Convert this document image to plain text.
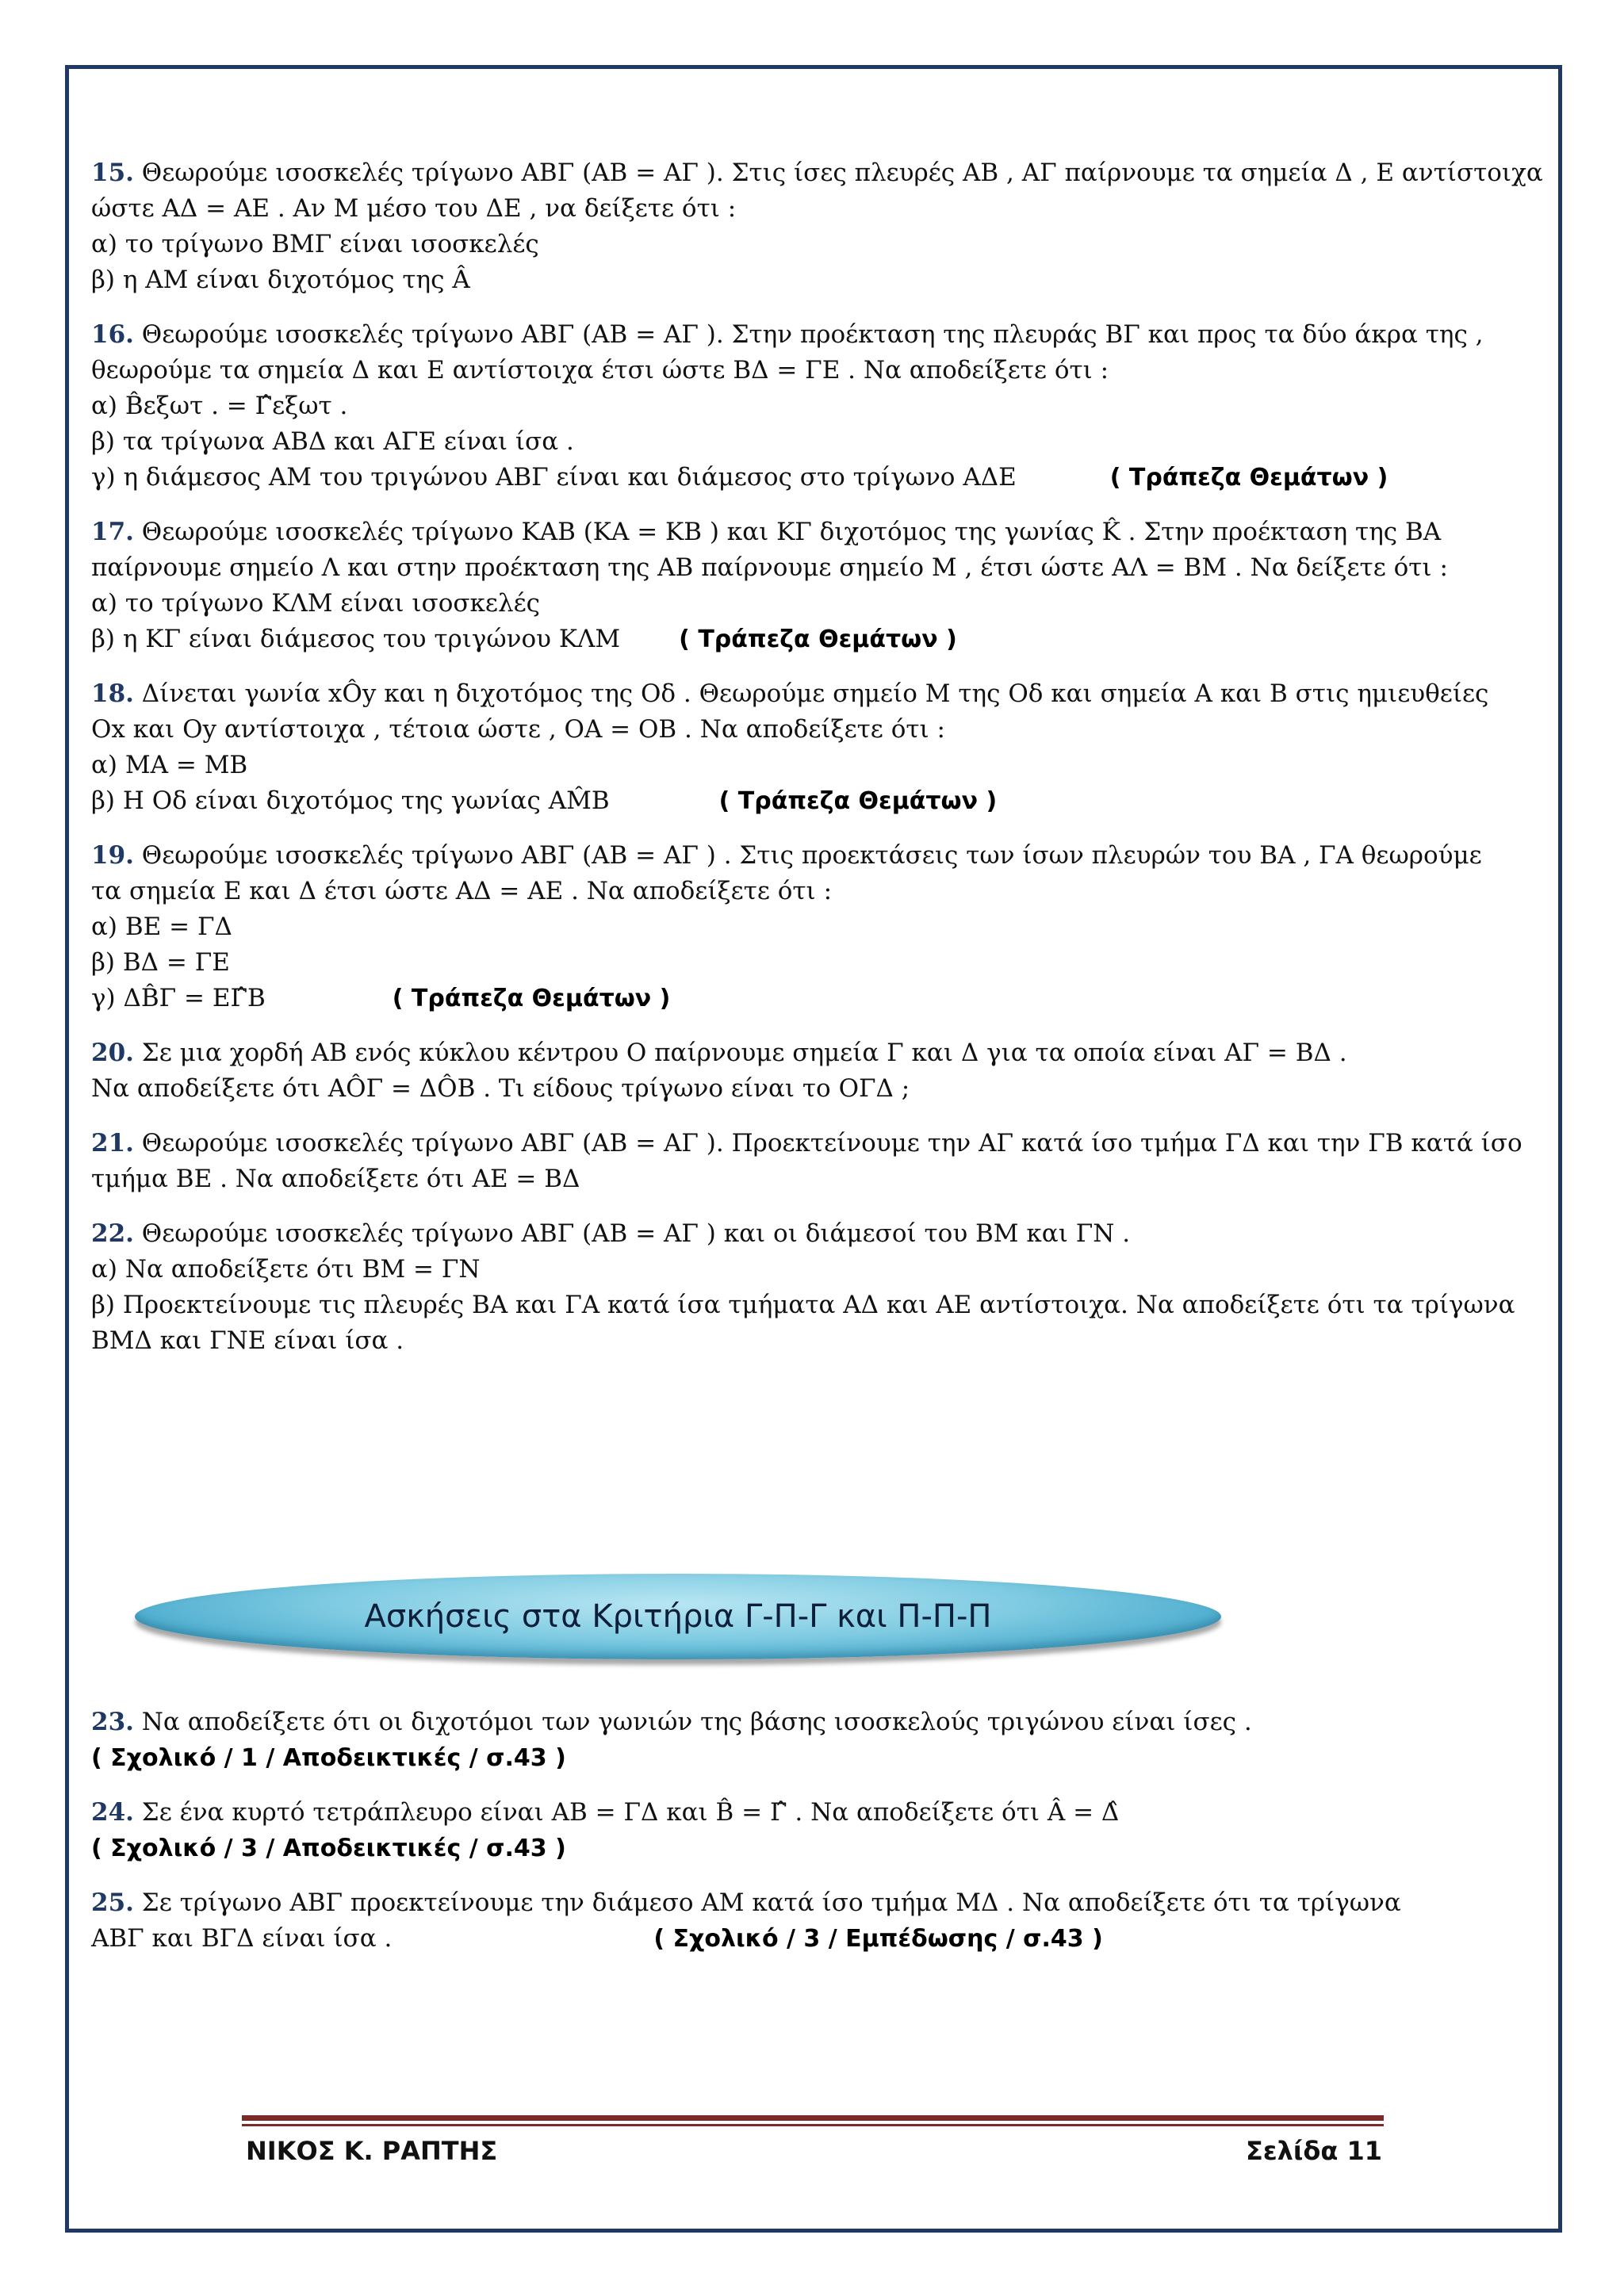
15. Θεωρούμε ισοσκελές τρίγωνο ΑΒΓ (ΑΒ = ΑΓ ). Στις ίσες πλευρές ΑΒ , ΑΓ παίρνουμε τα σημεία Δ , Ε αντίστοιχα
ώστε ΑΔ = ΑΕ . Αν Μ μέσο του ΔΕ , να δείξετε ότι :
α) το τρίγωνο ΒΜΓ είναι ισοσκελές
β) η ΑΜ είναι διχοτόμος της Â
16. Θεωρούμε ισοσκελές τρίγωνο ΑΒΓ (ΑΒ = ΑΓ ). Στην προέκταση της πλευράς ΒΓ και προς τα δύο άκρα της ,
θεωρούμε τα σημεία Δ και Ε αντίστοιχα έτσι ώστε ΒΔ = ΓΕ . Να αποδείξετε ότι :
α) B̂εξωτ . = Γ̂εξωτ .
β) τα τρίγωνα ΑΒΔ και ΑΓΕ είναι ίσα .
γ) η διάμεσος ΑΜ του τριγώνου ΑΒΓ είναι και διάμεσος στο τρίγωνο ΑΔΕ	( Τράπεζα Θεμάτων )
17. Θεωρούμε ισοσκελές τρίγωνο ΚΑΒ (ΚΑ = ΚΒ ) και ΚΓ διχοτόμος της γωνίας K̂ . Στην προέκταση της ΒΑ
παίρνουμε σημείο Λ και στην προέκταση της ΑΒ παίρνουμε σημείο Μ , έτσι ώστε ΑΛ = ΒΜ . Να δείξετε ότι :
α) το τρίγωνο ΚΛΜ είναι ισοσκελές
β) η ΚΓ είναι διάμεσος του τριγώνου ΚΛΜ ( Τράπεζα Θεμάτων )
18. Δίνεται γωνία xÔy και η διχοτόμος της Οδ . Θεωρούμε σημείο Μ της Οδ και σημεία Α και Β στις ημιευθείες
Οx και Οy αντίστοιχα , τέτοια ώστε , ΟΑ = ΟΒ . Να αποδείξετε ότι :
α) ΜΑ = ΜΒ
β) Η Οδ είναι διχοτόμος της γωνίας ΑM̂Β	( Τράπεζα Θεμάτων )
19. Θεωρούμε ισοσκελές τρίγωνο ΑΒΓ (ΑΒ = ΑΓ ) . Στις προεκτάσεις των ίσων πλευρών του ΒΑ , ΓΑ θεωρούμε
τα σημεία Ε και Δ έτσι ώστε ΑΔ = ΑΕ . Να αποδείξετε ότι :
α) ΒΕ = ΓΔ
β) ΒΔ = ΓΕ
γ) ΔB̂Γ = ΕΓ̂Β	( Τράπεζα Θεμάτων )
20. Σε μια χορδή ΑΒ ενός κύκλου κέντρου Ο παίρνουμε σημεία Γ και Δ για τα οποία είναι ΑΓ = ΒΔ .
Να αποδείξετε ότι ΑÔΓ = ΔÔΒ . Τι είδους τρίγωνο είναι το ΟΓΔ ;
21. Θεωρούμε ισοσκελές τρίγωνο ΑΒΓ (ΑΒ = ΑΓ ). Προεκτείνουμε την ΑΓ κατά ίσο τμήμα ΓΔ και την ΓΒ κατά ίσο
τμήμα ΒΕ . Να αποδείξετε ότι ΑΕ = ΒΔ
22. Θεωρούμε ισοσκελές τρίγωνο ΑΒΓ (ΑΒ = ΑΓ ) και οι διάμεσοί του ΒΜ και ΓΝ .
α) Να αποδείξετε ότι ΒΜ = ΓΝ
β) Προεκτείνουμε τις πλευρές ΒΑ και ΓΑ κατά ίσα τμήματα ΑΔ και ΑΕ αντίστοιχα. Να αποδείξετε ότι τα τρίγωνα
ΒΜΔ και ΓΝΕ είναι ίσα .
Ασκήσεις στα Κριτήρια Γ-Π-Γ και Π-Π-Π
23. Να αποδείξετε ότι οι διχοτόμοι των γωνιών της βάσης ισοσκελούς τριγώνου είναι ίσες .
( Σχολικό / 1 / Αποδεικτικές / σ.43 )
24. Σε ένα κυρτό τετράπλευρο είναι ΑΒ = ΓΔ και B̂ = Γ̂ . Να αποδείξετε ότι Â = Δ̂
( Σχολικό / 3 / Αποδεικτικές / σ.43 )
25. Σε τρίγωνο ΑΒΓ προεκτείνουμε την διάμεσο ΑΜ κατά ίσο τμήμα ΜΔ . Να αποδείξετε ότι τα τρίγωνα
ΑΒΓ και ΒΓΔ είναι ίσα .	( Σχολικό / 3 / Εμπέδωσης / σ.43 )
ΝΙΚΟΣ Κ. ΡΑΠΤΗΣ	Σελίδα 11
